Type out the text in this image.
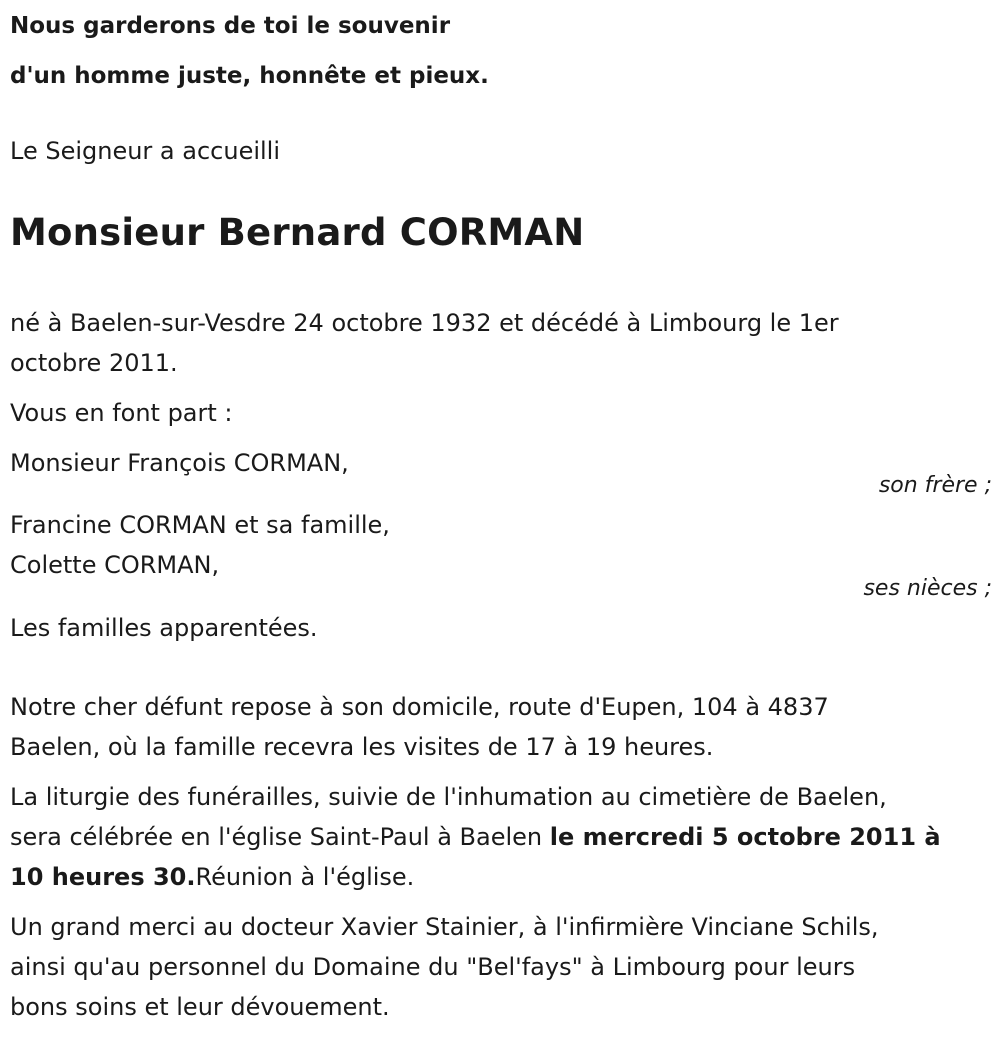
Nous garderons de toi le souvenir
d'un homme juste, honnête et pieux.

Le Seigneur a accueilli

Monsieur Bernard CORMAN
né à Baelen-sur-Vesdre 24 octobre 1932 et décédé à Limbourg le 1er
octobre 2011.
Vous en font part :
Monsieur François CORMAN,
son frère ;
Francine CORMAN et sa famille,
Colette CORMAN,
ses nièces ;
Les familles apparentées.
Notre cher défunt repose à son domicile, route d'Eupen, 104 à 4837
Baelen, où la famille recevra les visites de 17 à 19 heures.
La liturgie des funérailles, suivie de l'inhumation au cimetière de Baelen,
sera célébrée en l'église Saint-Paul à Baelen le mercredi 5 octobre 2011 à
10 heures 30.Réunion à l'église.
Un grand merci au docteur Xavier Stainier, à l'infirmière Vinciane Schils,
ainsi qu'au personnel du Domaine du "Bel'fays" à Limbourg pour leurs
bons soins et leur dévouement.
